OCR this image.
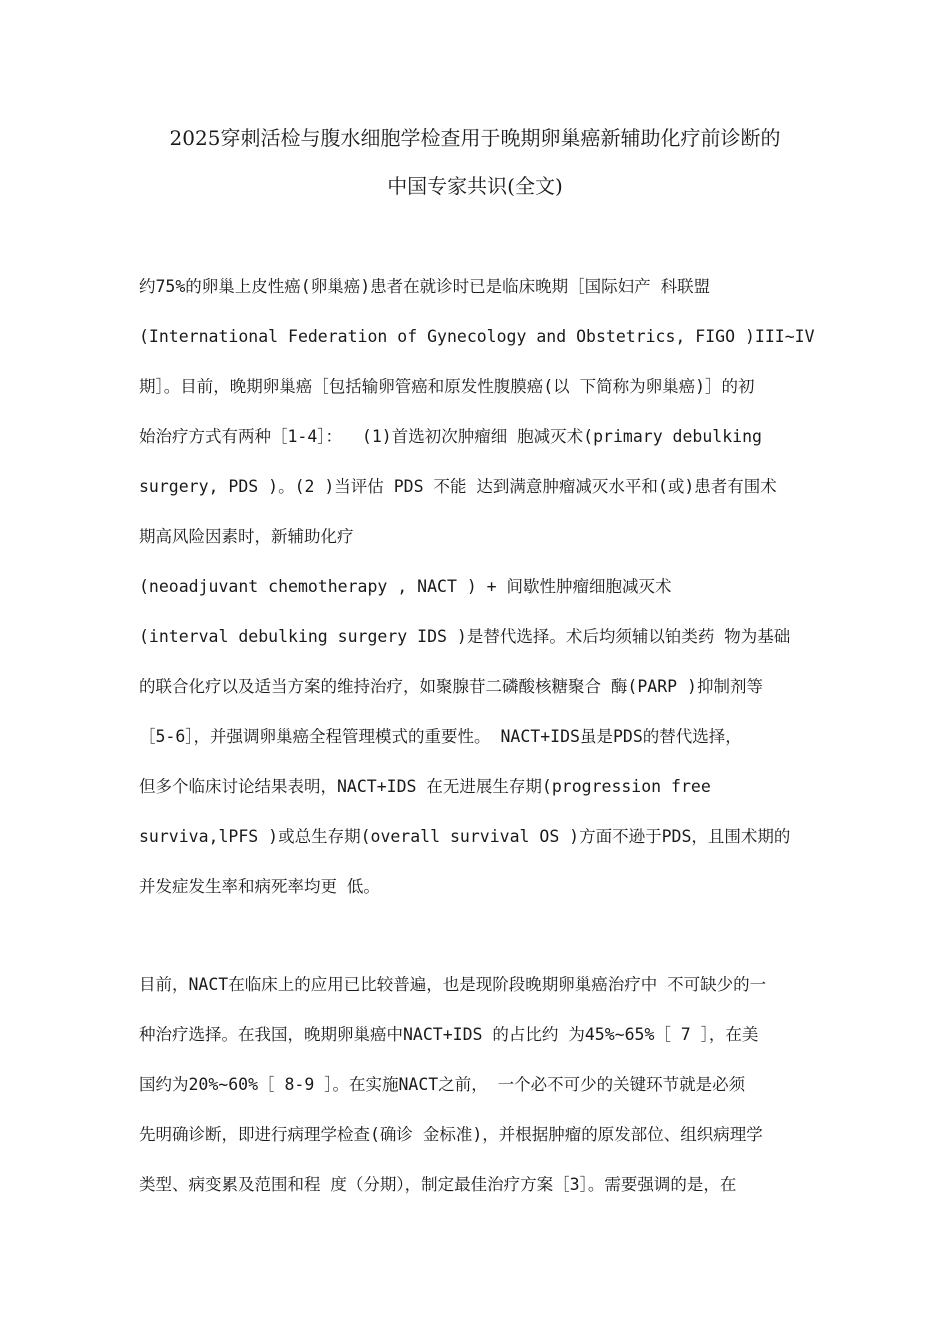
2025穿刺活检与腹水细胞学检查用于晚期卵巢癌新辅助化疗前诊断的
中国专家共识(全文)
约75%的卵巢上皮性癌(卵巢癌)患者在就诊时已是临床晚期［国际妇产 科联盟
(International Federation of Gynecology and Obstetrics, FIGO )III~IV
期］。目前，晚期卵巢癌［包括输卵管癌和原发性腹膜癌(以 下简称为卵巢癌)］的初
始治疗方式有两种［1-4］：  (1)首选初次肿瘤细 胞减灭术(primary debulking
surgery, PDS )。(2 )当评估 PDS 不能 达到满意肿瘤减灭水平和(或)患者有围术
期高风险因素时，新辅助化疗
(neoadjuvant chemotherapy , NACT ) + 间歇性肿瘤细胞减灭术
(interval debulking surgery IDS )是替代选择。术后均须辅以铂类药 物为基础
的联合化疗以及适当方案的维持治疗，如聚腺苷二磷酸核糖聚合 酶(PARP )抑制剂等
［5-6］，并强调卵巢癌全程管理模式的重要性。 NACT+IDS虽是PDS的替代选择，
但多个临床讨论结果表明，NACT+IDS 在无进展生存期(progression free
surviva,lPFS )或总生存期(overall survival OS )方面不逊于PDS，且围术期的
并发症发生率和病死率均更 低。
目前，NACT在临床上的应用已比较普遍，也是现阶段晚期卵巢癌治疗中 不可缺少的一
种治疗选择。在我国，晚期卵巢癌中NACT+IDS 的占比约 为45%~65%［ 7 ］，在美
国约为20%~60%［ 8-9 ］。在实施NACT之前， 一个必不可少的关键环节就是必须
先明确诊断，即进行病理学检查(确诊 金标准)，并根据肿瘤的原发部位、组织病理学
类型、病变累及范围和程 度（分期），制定最佳治疗方案［3］。需要强调的是，在
